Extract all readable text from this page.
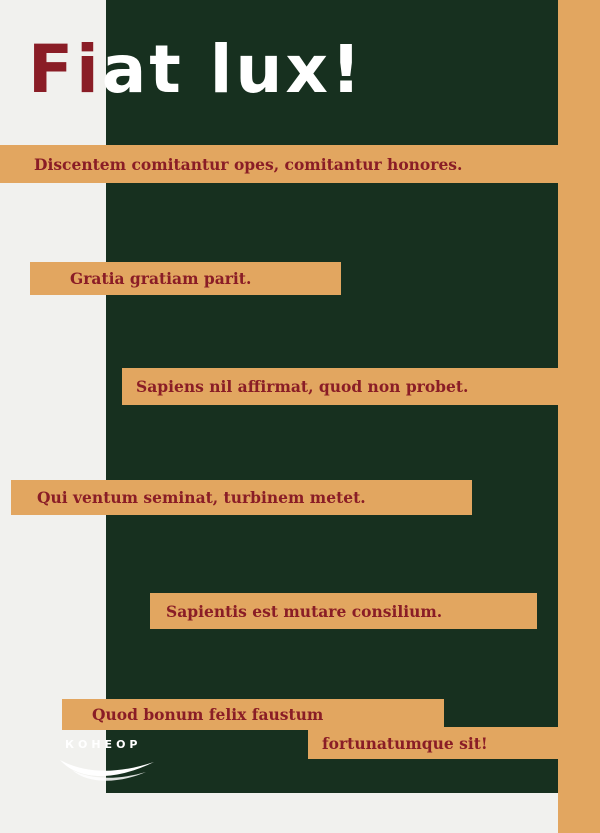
Fiat lux!
Discentem comitantur opes, comitantur honores.
Gratia gratiam parit.
Sapiens nil affirmat, quod non probet.
Qui ventum seminat, turbinem metet.
Sapientis est mutare consilium.
Quod bonum felix faustum
fortunatumque sit!
КОНЕОР
